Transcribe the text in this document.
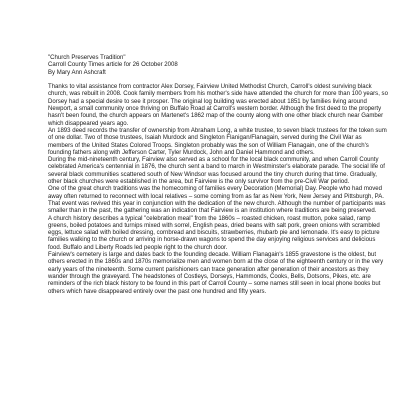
"Church Preserves Tradition"

Carroll County Times article for 26 October 2008

By Mary Ann Ashcraft

Thanks to vital assistance from contractor Alex Dorsey, Fairview United Methodist Church, Carroll's oldest surviving black church, was rebuilt in 2008. Cook family members from his mother's side have attended the church for more than 100 years, so Dorsey had a special desire to see it prosper. The original log building was erected about 1851 by families living around Newport, a small community once thriving on Buffalo Road at Carroll's western border. Although the first deed to the property hasn't been found, the church appears on Martenet's 1862 map of the county along with one other black church near Gamber which disappeared years ago.

An 1893 deed records the transfer of ownership from Abraham Long, a white trustee, to seven black trustees for the token sum of one dollar. Two of those trustees, Isaiah Murdock and Singleton Flanigan/Flanagain, served during the Civil War as members of the United States Colored Troops. Singleton probably was the son of William Flanagain, one of the church's founding fathers along with Jefferson Carter, Tyler Murdock, John and Daniel Hammond and others.

During the mid-nineteenth century, Fairview also served as a school for the local black community, and when Carroll County celebrated America's centennial in 1876, the church sent a band to march in Westminster's elaborate parade. The social life of several black communities scattered south of New Windsor was focused around the tiny church during that time. Gradually, other black churches were established in the area, but Fairview is the only survivor from the pre-Civil War period.

One of the great church traditions was the homecoming of families every Decoration (Memorial) Day. People who had moved away often returned to reconnect with local relatives – some coming from as far as New York, New Jersey and Pittsburgh, PA. That event was revived this year in conjunction with the dedication of the new church. Although the number of participants was smaller than in the past, the gathering was an indication that Fairview is an institution where traditions are being preserved.

A church history describes a typical "celebration meal" from the 1860s – roasted chicken, roast mutton, poke salad, ramp greens, boiled potatoes and turnips mixed with sorrel, English peas, dried beans with salt pork, green onions with scrambled eggs, lettuce salad with boiled dressing, cornbread and biscuits, strawberries, rhubarb pie and lemonade. It's easy to picture families walking to the church or arriving in horse-drawn wagons to spend the day enjoying religious services and delicious food. Buffalo and Liberty Roads led people right to the church door.

Fairview's cemetery is large and dates back to the founding decade. William Flanagain's 1855 gravestone is the oldest, but others erected in the 1860s and 1870s memorialize men and women born at the close of the eighteenth century or in the very early years of the nineteenth. Some current parishioners can trace generation after generation of their ancestors as they wander through the graveyard. The headstones of Costleys, Dorseys, Hammonds, Cooks, Bells, Dotsons, Pikes, etc. are reminders of the rich black history to be found in this part of Carroll County – some names still seen in local phone books but others which have disappeared entirely over the past one hundred and fifty years.
